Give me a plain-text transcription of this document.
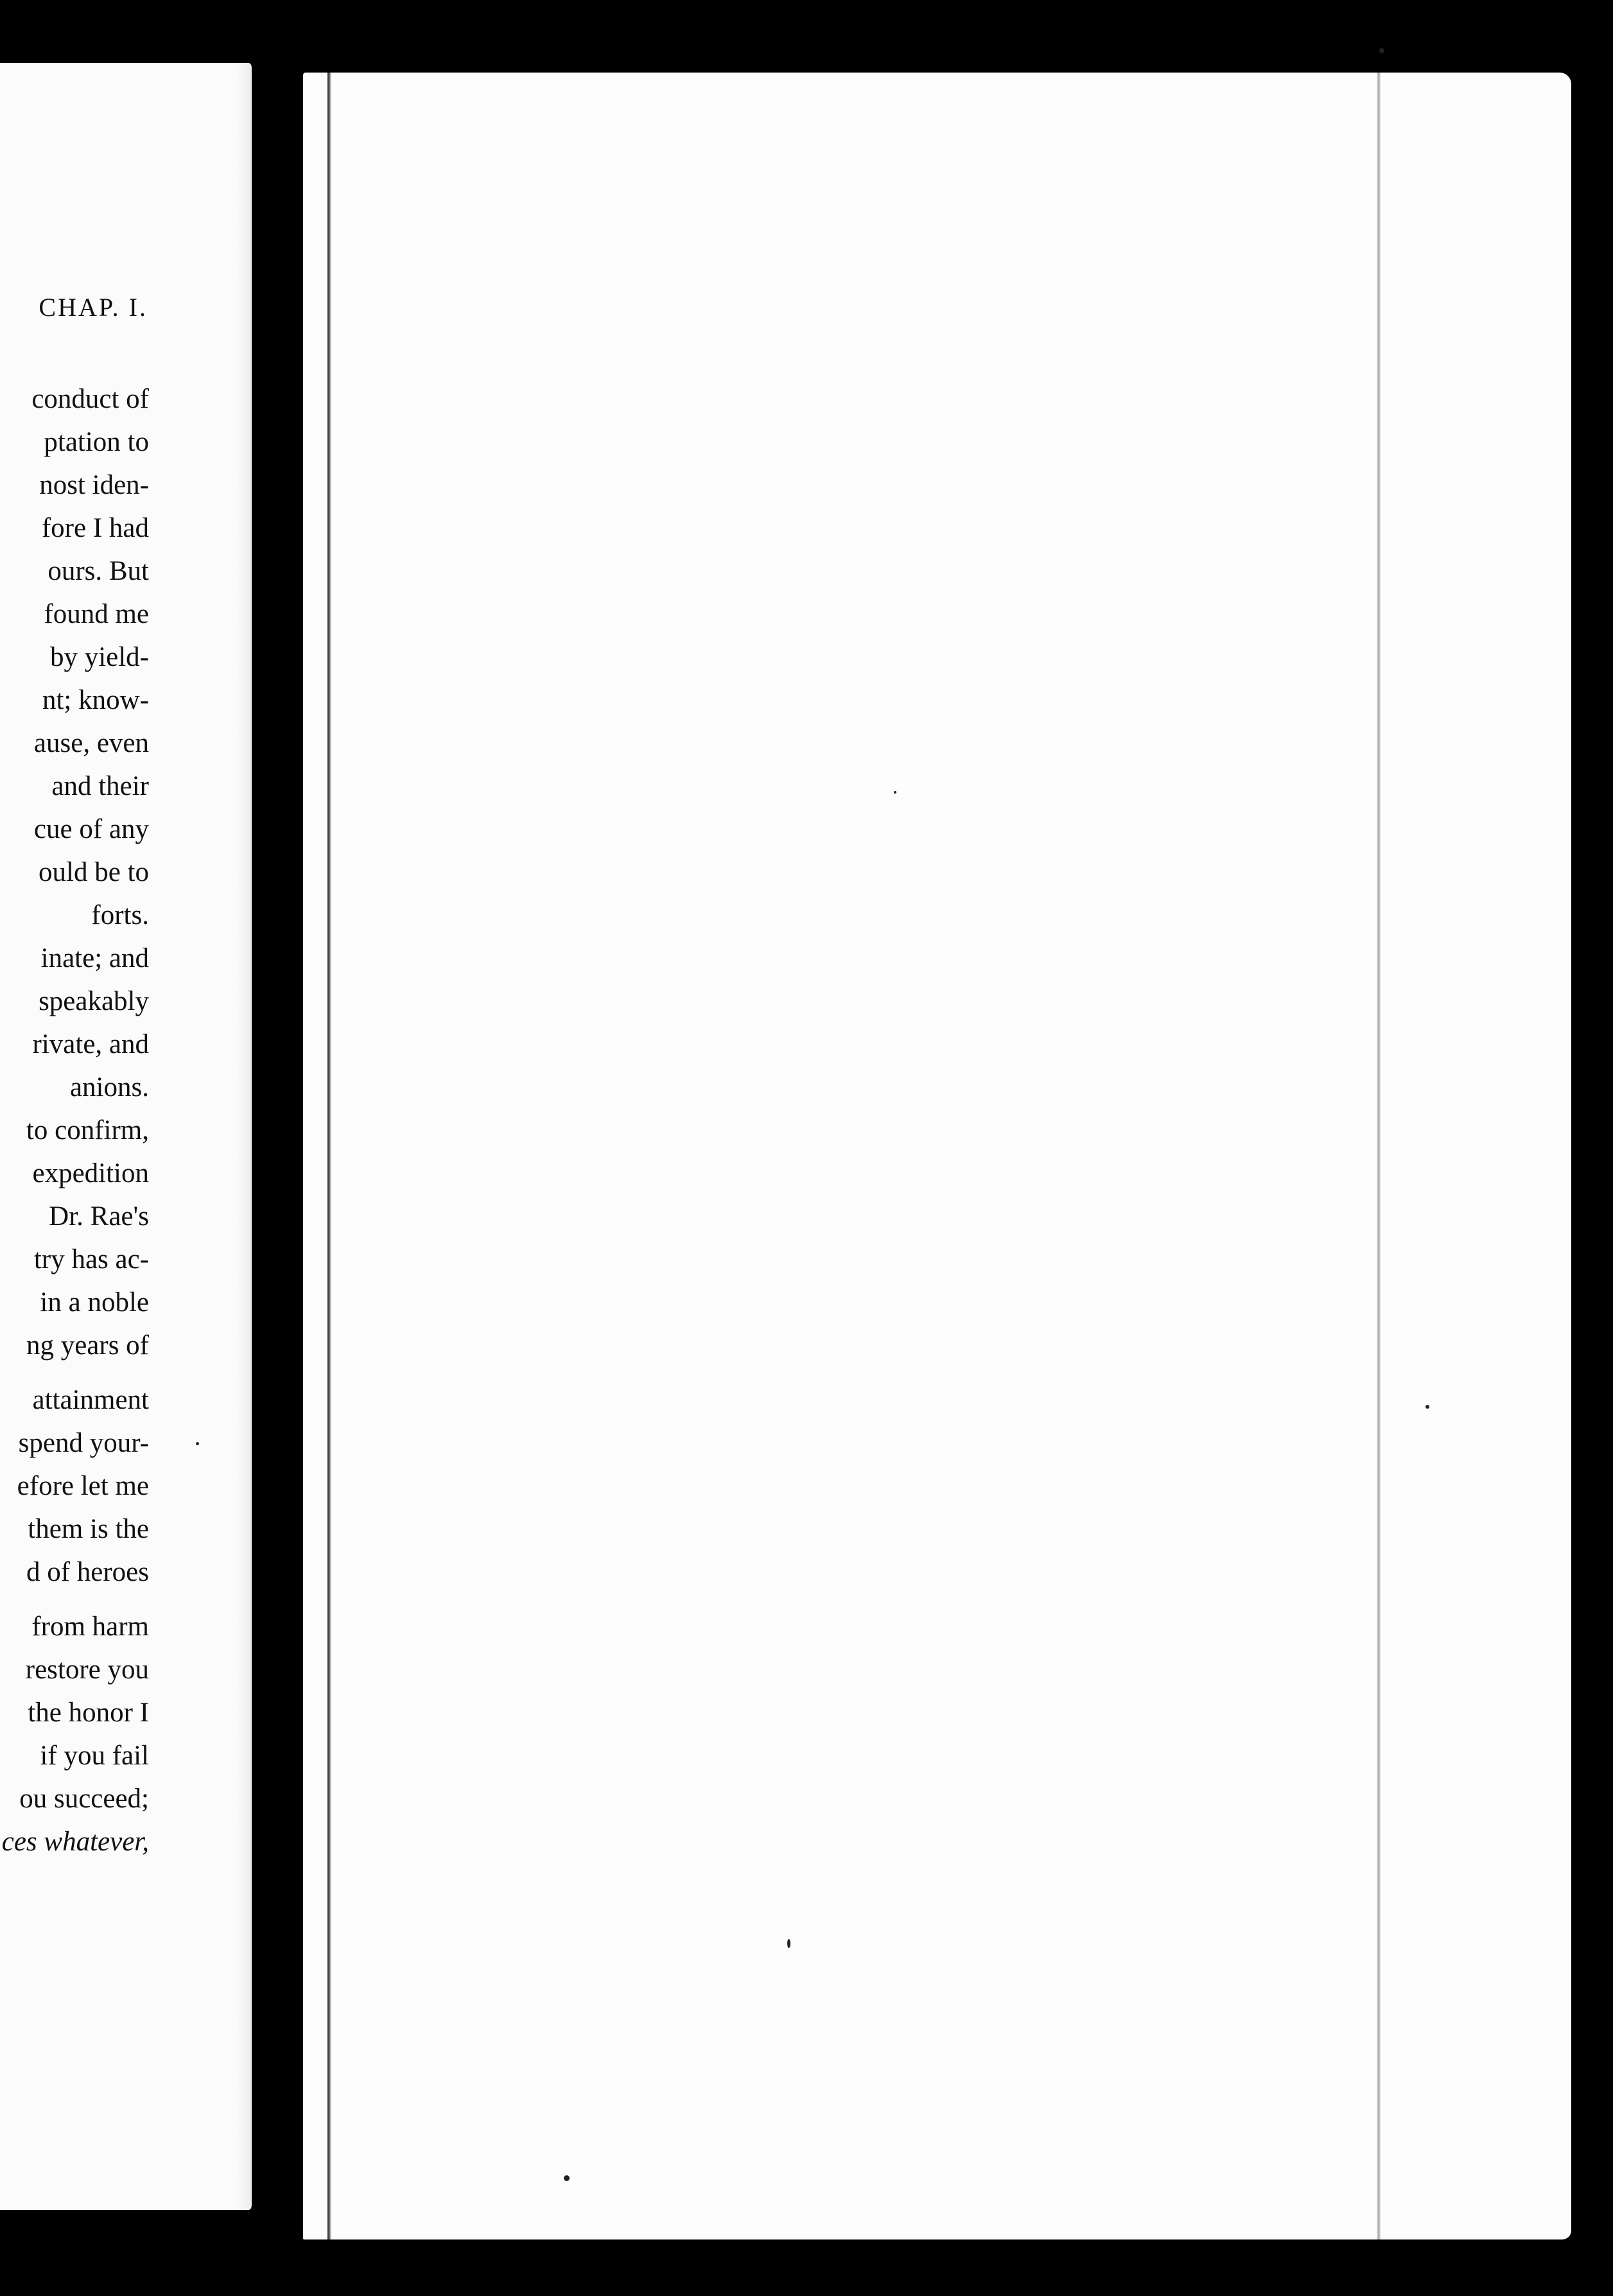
CHAP. I.
conduct of
ptation to
nost iden-
fore I had
ours. But
found me
by yield-
nt; know-
ause, even
and their
cue of any
ould be to
forts.
inate; and
speakably
rivate, and
anions.
to confirm,
expedition
Dr. Rae's
try has ac-
in a noble
ng years of
attainment
spend your-
efore let me
them is the
d of heroes
from harm
restore you
the honor I
if you fail
ou succeed;
ces whatever,
